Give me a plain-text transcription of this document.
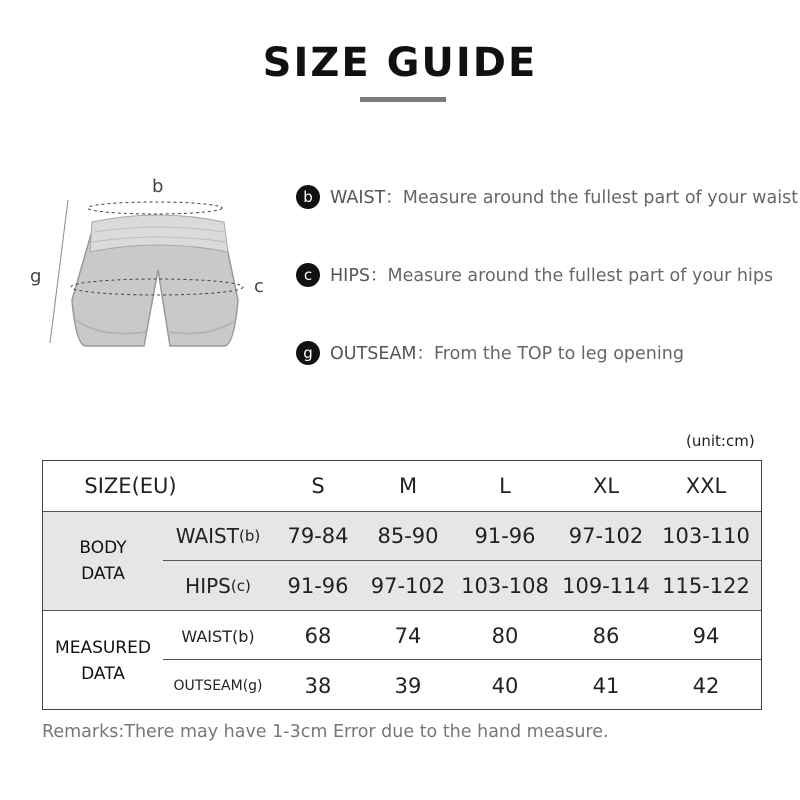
SIZE GUIDE
b
c
g
b WAIST：Measure around the fullest part of your waist
c	HIPS：Measure around the fullest part of your hips
g OUTSEAM：From the TOP to leg opening
(unit:cm)
SIZE(EU)	S	M	L	XL	XXL
BODY
DATA
WAIST (b)	79-84	85-90	91-96	97-102 103-110
HIPS (c)	91-96	97-102 103-108 109-114 115-122
MEASURED
DATA
WAIST (b)	68	74	80	86	94
OUTSEAM (g)	38	39	40	41	42
Remarks:There may have 1-3cm Error due to the hand measure.
